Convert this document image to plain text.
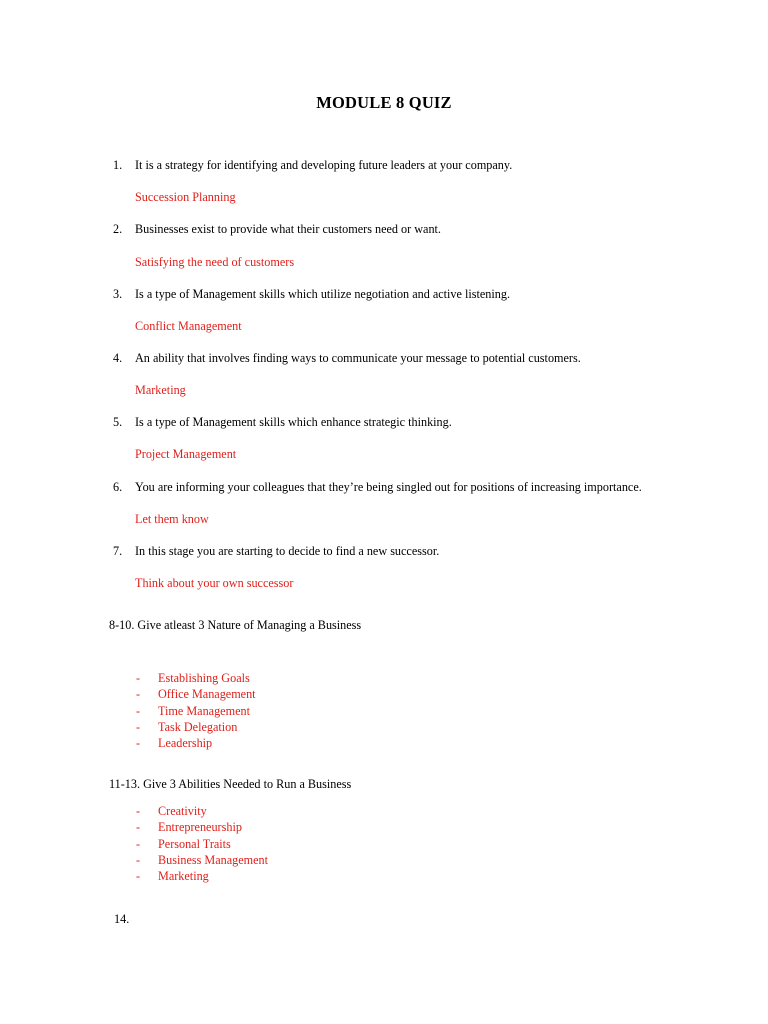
MODULE 8 QUIZ
1.	It is a strategy for identifying and developing future leaders at your company.
Succession Planning
2.	Businesses exist to provide what their customers need or want.
Satisfying the need of customers
3.	Is a type of Management skills which utilize negotiation and active listening.
Conflict Management
4.	An ability that involves finding ways to communicate your message to potential customers.
Marketing
5.	Is a type of Management skills which enhance strategic thinking.
Project Management
6.	You are informing your colleagues that they’re being singled out for positions of increasing importance.
Let them know
7.	In this stage you are starting to decide to find a new successor.
Think about your own successor
8-10. Give atleast 3 Nature of Managing a Business
- Establishing Goals
- Office Management
- Time Management
- Task Delegation
- Leadership
11-13. Give 3 Abilities Needed to Run a Business
- Creativity
- Entrepreneurship
- Personal Traits
- Business Management
- Marketing
14.
